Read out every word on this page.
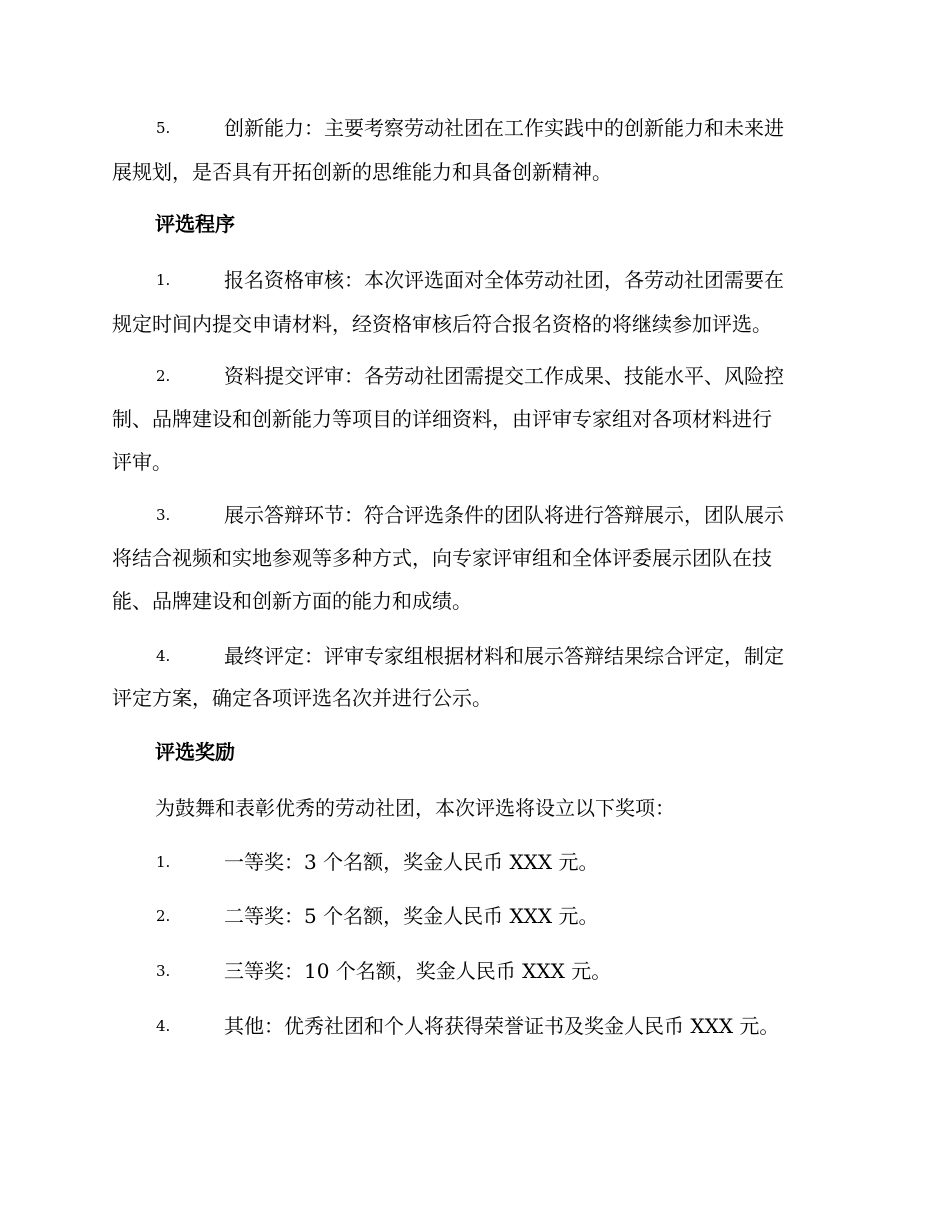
5.	创新能力：主要考察劳动社团在工作实践中的创新能力和未来进
展规划，是否具有开拓创新的思维能力和具备创新精神。
评选程序
1.	报名资格审核：本次评选面对全体劳动社团，各劳动社团需要在
规定时间内提交申请材料，经资格审核后符合报名资格的将继续参加评选。
2.	资料提交评审：各劳动社团需提交工作成果、技能水平、风险控
制、品牌建设和创新能力等项目的详细资料，由评审专家组对各项材料进行
评审。
3.	展示答辩环节：符合评选条件的团队将进行答辩展示，团队展示
将结合视频和实地参观等多种方式，向专家评审组和全体评委展示团队在技
能、品牌建设和创新方面的能力和成绩。
4.	最终评定：评审专家组根据材料和展示答辩结果综合评定，制定
评定方案，确定各项评选名次并进行公示。
评选奖励
为鼓舞和表彰优秀的劳动社团，本次评选将设立以下奖项：
1.	一等奖：3 个名额，奖金人民币 XXX 元。
2.	二等奖：5 个名额，奖金人民币 XXX 元。
3.	三等奖：10 个名额，奖金人民币 XXX 元。
4.	其他：优秀社团和个人将获得荣誉证书及奖金人民币 XXX 元。
